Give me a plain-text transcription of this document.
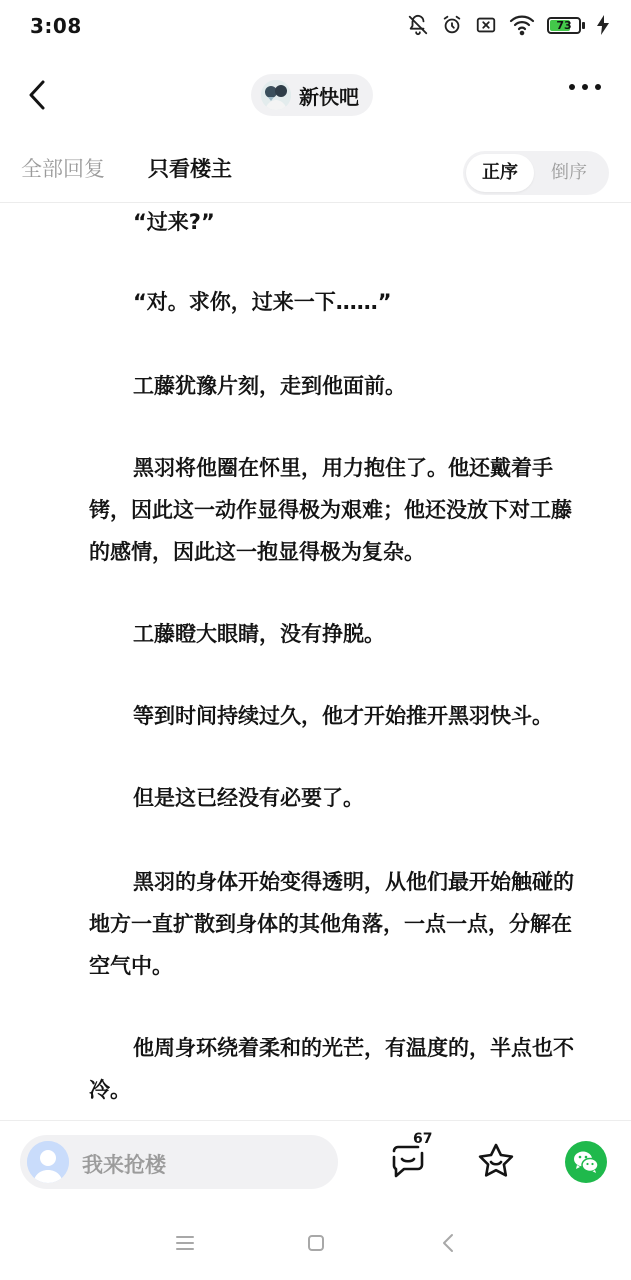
3:08	73
新快吧
全部回复 只看楼主	正序	倒序

“过来?”

“对。求你，过来一下……”

工藤犹豫片刻，走到他面前。

黑羽将他圈在怀里，用力抱住了。他还戴着手

铐，因此这一动作显得极为艰难；他还没放下对工藤

的感情，因此这一抱显得极为复杂。

工藤瞪大眼睛，没有挣脱。

等到时间持续过久，他才开始推开黑羽快斗。

但是这已经没有必要了。

黑羽的身体开始变得透明，从他们最开始触碰的

地方一直扩散到身体的其他角落，一点一点，分解在

空气中。

他周身环绕着柔和的光芒，有温度的，半点也不

冷。

我来抢楼
67
